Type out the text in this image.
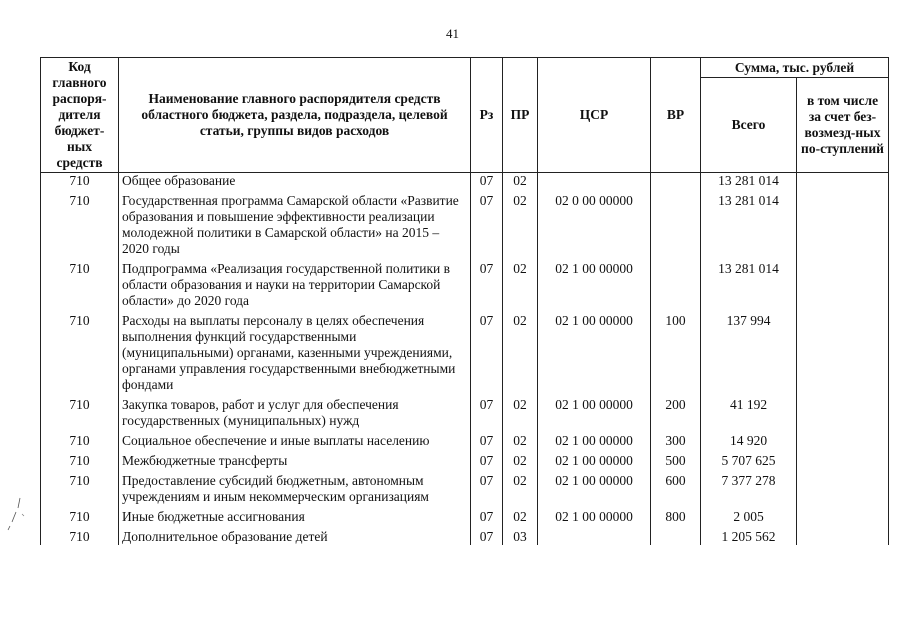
41
Код главного распоря-дителя бюджет-ных средств	Наименование главного распорядителя средств областного бюджета, раздела, подраздела, целевой статьи, группы видов расходов	Рз	ПР	ЦСР	ВР	Сумма, тыс. рублей	
						Всего	в том числе за счет без-возмезд-ных по-ступлений
710	Общее образование	07	02			13 281 014	
710	Государственная программа Самарской области «Развитие образования и повышение эффективности реализации молодежной политики в Самарской области» на 2015 – 2020 годы	07	02	02 0 00 00000		13 281 014	
710	Подпрограмма «Реализация государственной политики в области образования и науки на территории Самарской области» до 2020 года	07	02	02 1 00 00000		13 281 014	
710	Расходы на выплаты персоналу в целях обеспечения выполнения функций государственными (муниципальными) органами, казенными учреждениями, органами управления государственными внебюджетными фондами	07	02	02 1 00 00000	100	137 994	
710	Закупка товаров, работ и услуг для обеспечения государственных (муниципальных) нужд	07	02	02 1 00 00000	200	41 192	
710	Социальное обеспечение и иные выплаты населению	07	02	02 1 00 00000	300	14 920	
710	Межбюджетные трансферты	07	02	02 1 00 00000	500	5 707 625	
710	Предоставление субсидий бюджетным, автономным учреждениям и иным некоммерческим организациям	07	02	02 1 00 00000	600	7 377 278	
710	Иные бюджетные ассигнования	07	02	02 1 00 00000	800	2 005	
710	Дополнительное образование детей	07	03			1 205 562	
